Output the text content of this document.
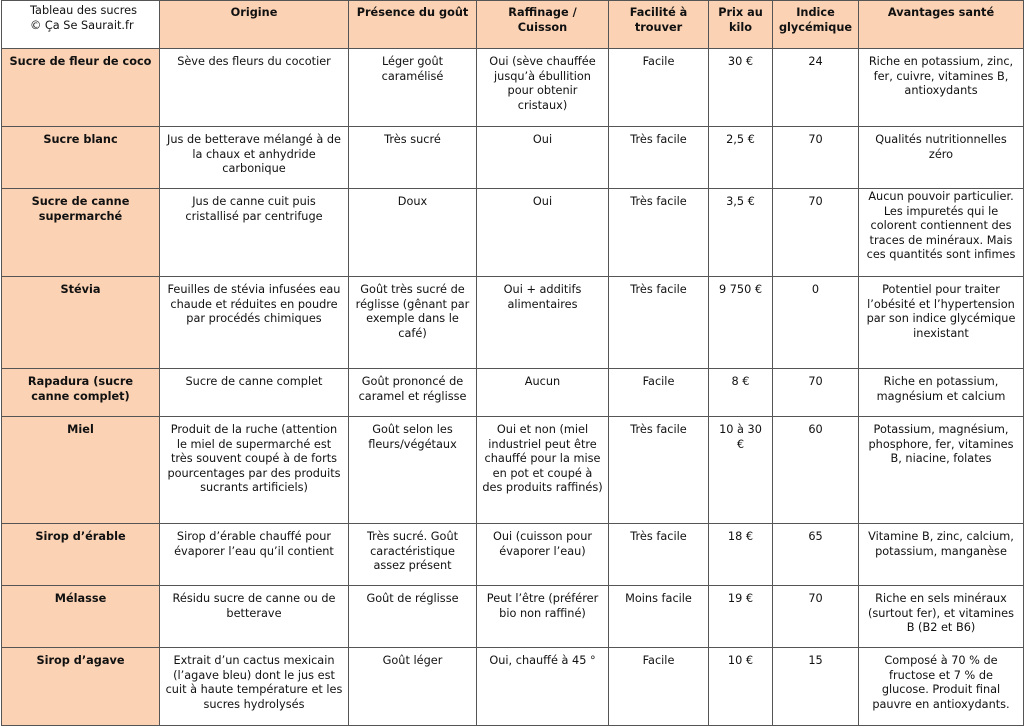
Tableau des sucres
© Ça Se Saurait.fr	Origine	Présence du goût	Raffinage / Cuisson	Facilité à trouver	Prix au kilo	Indice glycémique	Avantages santé
Sucre de fleur de coco	Sève des fleurs du cocotier	Léger goût caramélisé	Oui (sève chauffée jusqu’à ébullition pour obtenir cristaux)	Facile	30 €	24	Riche en potassium, zinc, fer, cuivre, vitamines B, antioxydants
Sucre blanc	Jus de betterave mélangé à de la chaux et anhydride carbonique	Très sucré	Oui	Très facile	2,5 €	70	Qualités nutritionnelles zéro
Sucre de canne supermarché	Jus de canne cuit puis cristallisé par centrifuge	Doux	Oui	Très facile	3,5 €	70	Aucun pouvoir particulier. Les impuretés qui le colorent contiennent des traces de minéraux. Mais ces quantités sont infimes
Stévia	Feuilles de stévia infusées eau chaude et réduites en poudre par procédés chimiques	Goût très sucré de réglisse (gênant par exemple dans le café)	Oui + additifs alimentaires	Très facile	9 750 €	0	Potentiel pour traiter l’obésité et l’hypertension par son indice glycémique inexistant
Rapadura (sucre canne complet)	Sucre de canne complet	Goût prononcé de caramel et réglisse	Aucun	Facile	8 €	70	Riche en potassium, magnésium et calcium
Miel	Produit de la ruche (attention le miel de supermarché est très souvent coupé à de forts pourcentages par des produits sucrants artificiels)	Goût selon les fleurs/végétaux	Oui et non (miel industriel peut être chauffé pour la mise en pot et coupé à des produits raffinés)	Très facile	10 à 30 €	60	Potassium, magnésium, phosphore, fer, vitamines B, niacine, folates
Sirop d’érable	Sirop d’érable chauffé pour évaporer l’eau qu’il contient	Très sucré. Goût caractéristique assez présent	Oui (cuisson pour évaporer l’eau)	Très facile	18 €	65	Vitamine B, zinc, calcium, potassium, manganèse
Mélasse	Résidu sucre de canne ou de betterave	Goût de réglisse	Peut l’être (préférer bio non raffiné)	Moins facile	19 €	70	Riche en sels minéraux (surtout fer), et vitamines B (B2 et B6)
Sirop d’agave	Extrait d’un cactus mexicain (l’agave bleu) dont le jus est cuit à haute température et les sucres hydrolysés	Goût léger	Oui, chauffé à 45 °	Facile	10 €	15	Composé à 70 % de fructose et 7 % de glucose. Produit final pauvre en antioxydants.
